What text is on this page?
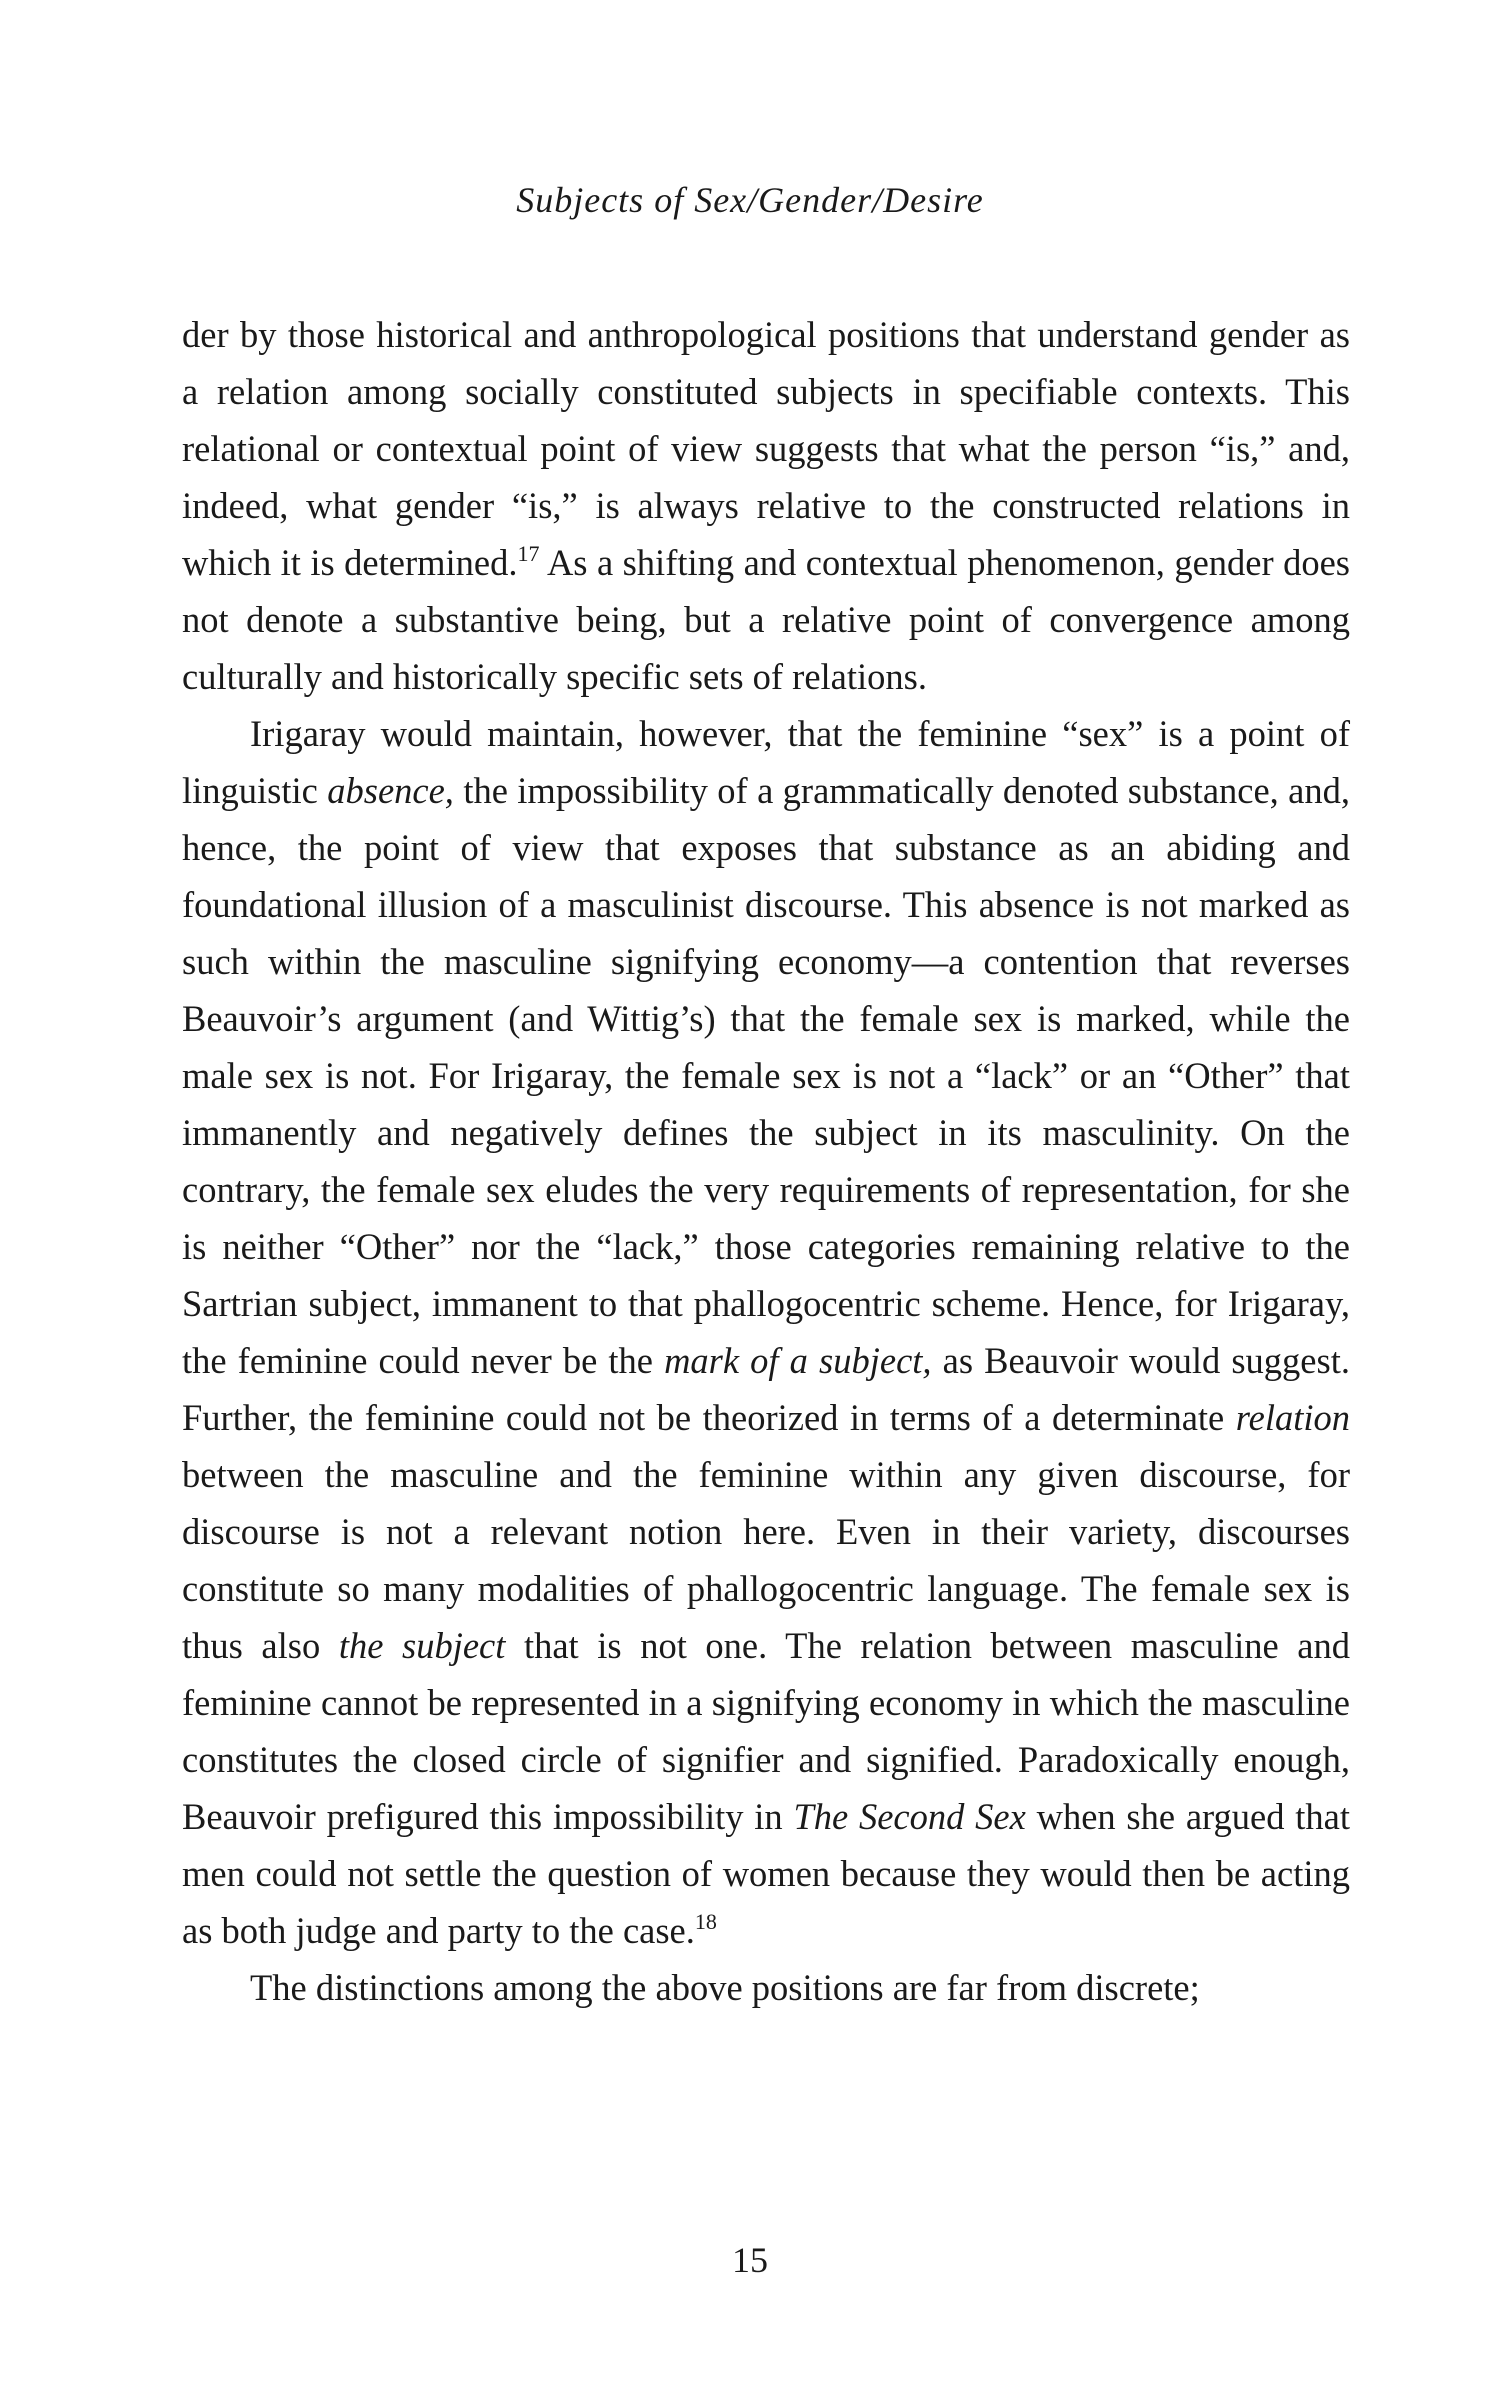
Subjects of Sex/Gender/Desire

der by those historical and anthropological positions that understand gender as a relation among socially constituted subjects in specifiable contexts. This relational or contextual point of view suggests that what the person “is,” and, indeed, what gender “is,” is always relative to the constructed relations in which it is determined.$^{17}$ As a shifting and contextual phenomenon, gender does not denote a substantive being, but a relative point of convergence among culturally and historically specific sets of relations.

Irigaray would maintain, however, that the feminine “sex” is a point of linguistic absence, the impossibility of a grammatically denoted substance, and, hence, the point of view that exposes that substance as an abiding and foundational illusion of a masculinist discourse. This absence is not marked as such within the masculine signifying economy—a contention that reverses Beauvoir’s argument (and Wittig’s) that the female sex is marked, while the male sex is not. For Irigaray, the female sex is not a “lack” or an “Other” that immanently and negatively defines the subject in its masculinity. On the contrary, the female sex eludes the very requirements of representation, for she is neither “Other” nor the “lack,” those categories remaining relative to the Sartrian subject, immanent to that phallogocentric scheme. Hence, for Irigaray, the feminine could never be the mark of a subject, as Beauvoir would suggest. Further, the feminine could not be theorized in terms of a determinate relation between the masculine and the feminine within any given discourse, for discourse is not a relevant notion here. Even in their variety, discourses constitute so many modalities of phallogocentric language. The female sex is thus also the subject that is not one. The relation between masculine and feminine cannot be represented in a signifying economy in which the masculine constitutes the closed circle of signifier and signified. Paradoxically enough, Beauvoir prefigured this impossibility in The Second Sex when she argued that men could not settle the question of women because they would then be acting as both judge and party to the case.$^{18}$

The distinctions among the above positions are far from discrete;

15
